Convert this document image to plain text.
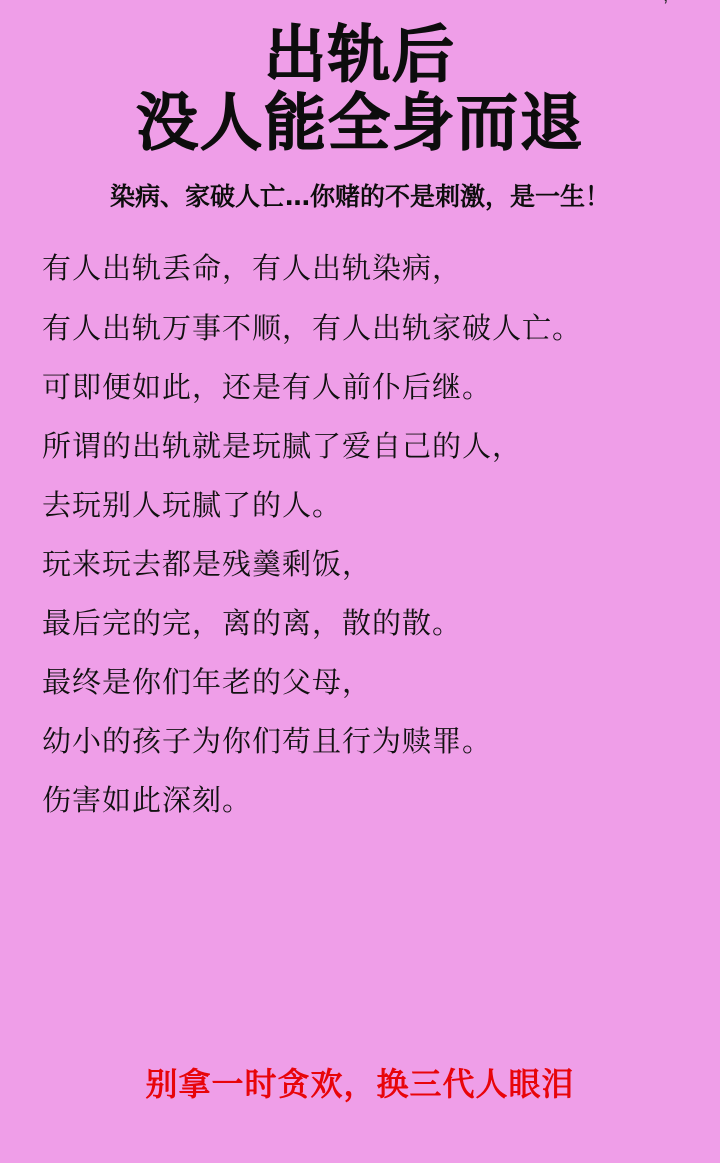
’
出轨后
没人能全身而退
染病、家破人亡…你赌的不是刺激，是一生！

有人出轨丢命，有人出轨染病，

有人出轨万事不顺，有人出轨家破人亡。

可即便如此，还是有人前仆后继。

所谓的出轨就是玩腻了爱自己的人，

去玩别人玩腻了的人。

玩来玩去都是残羹剩饭，

最后完的完，离的离，散的散。

最终是你们年老的父母，

幼小的孩子为你们苟且行为赎罪。

伤害如此深刻。

别拿一时贪欢，换三代人眼泪
